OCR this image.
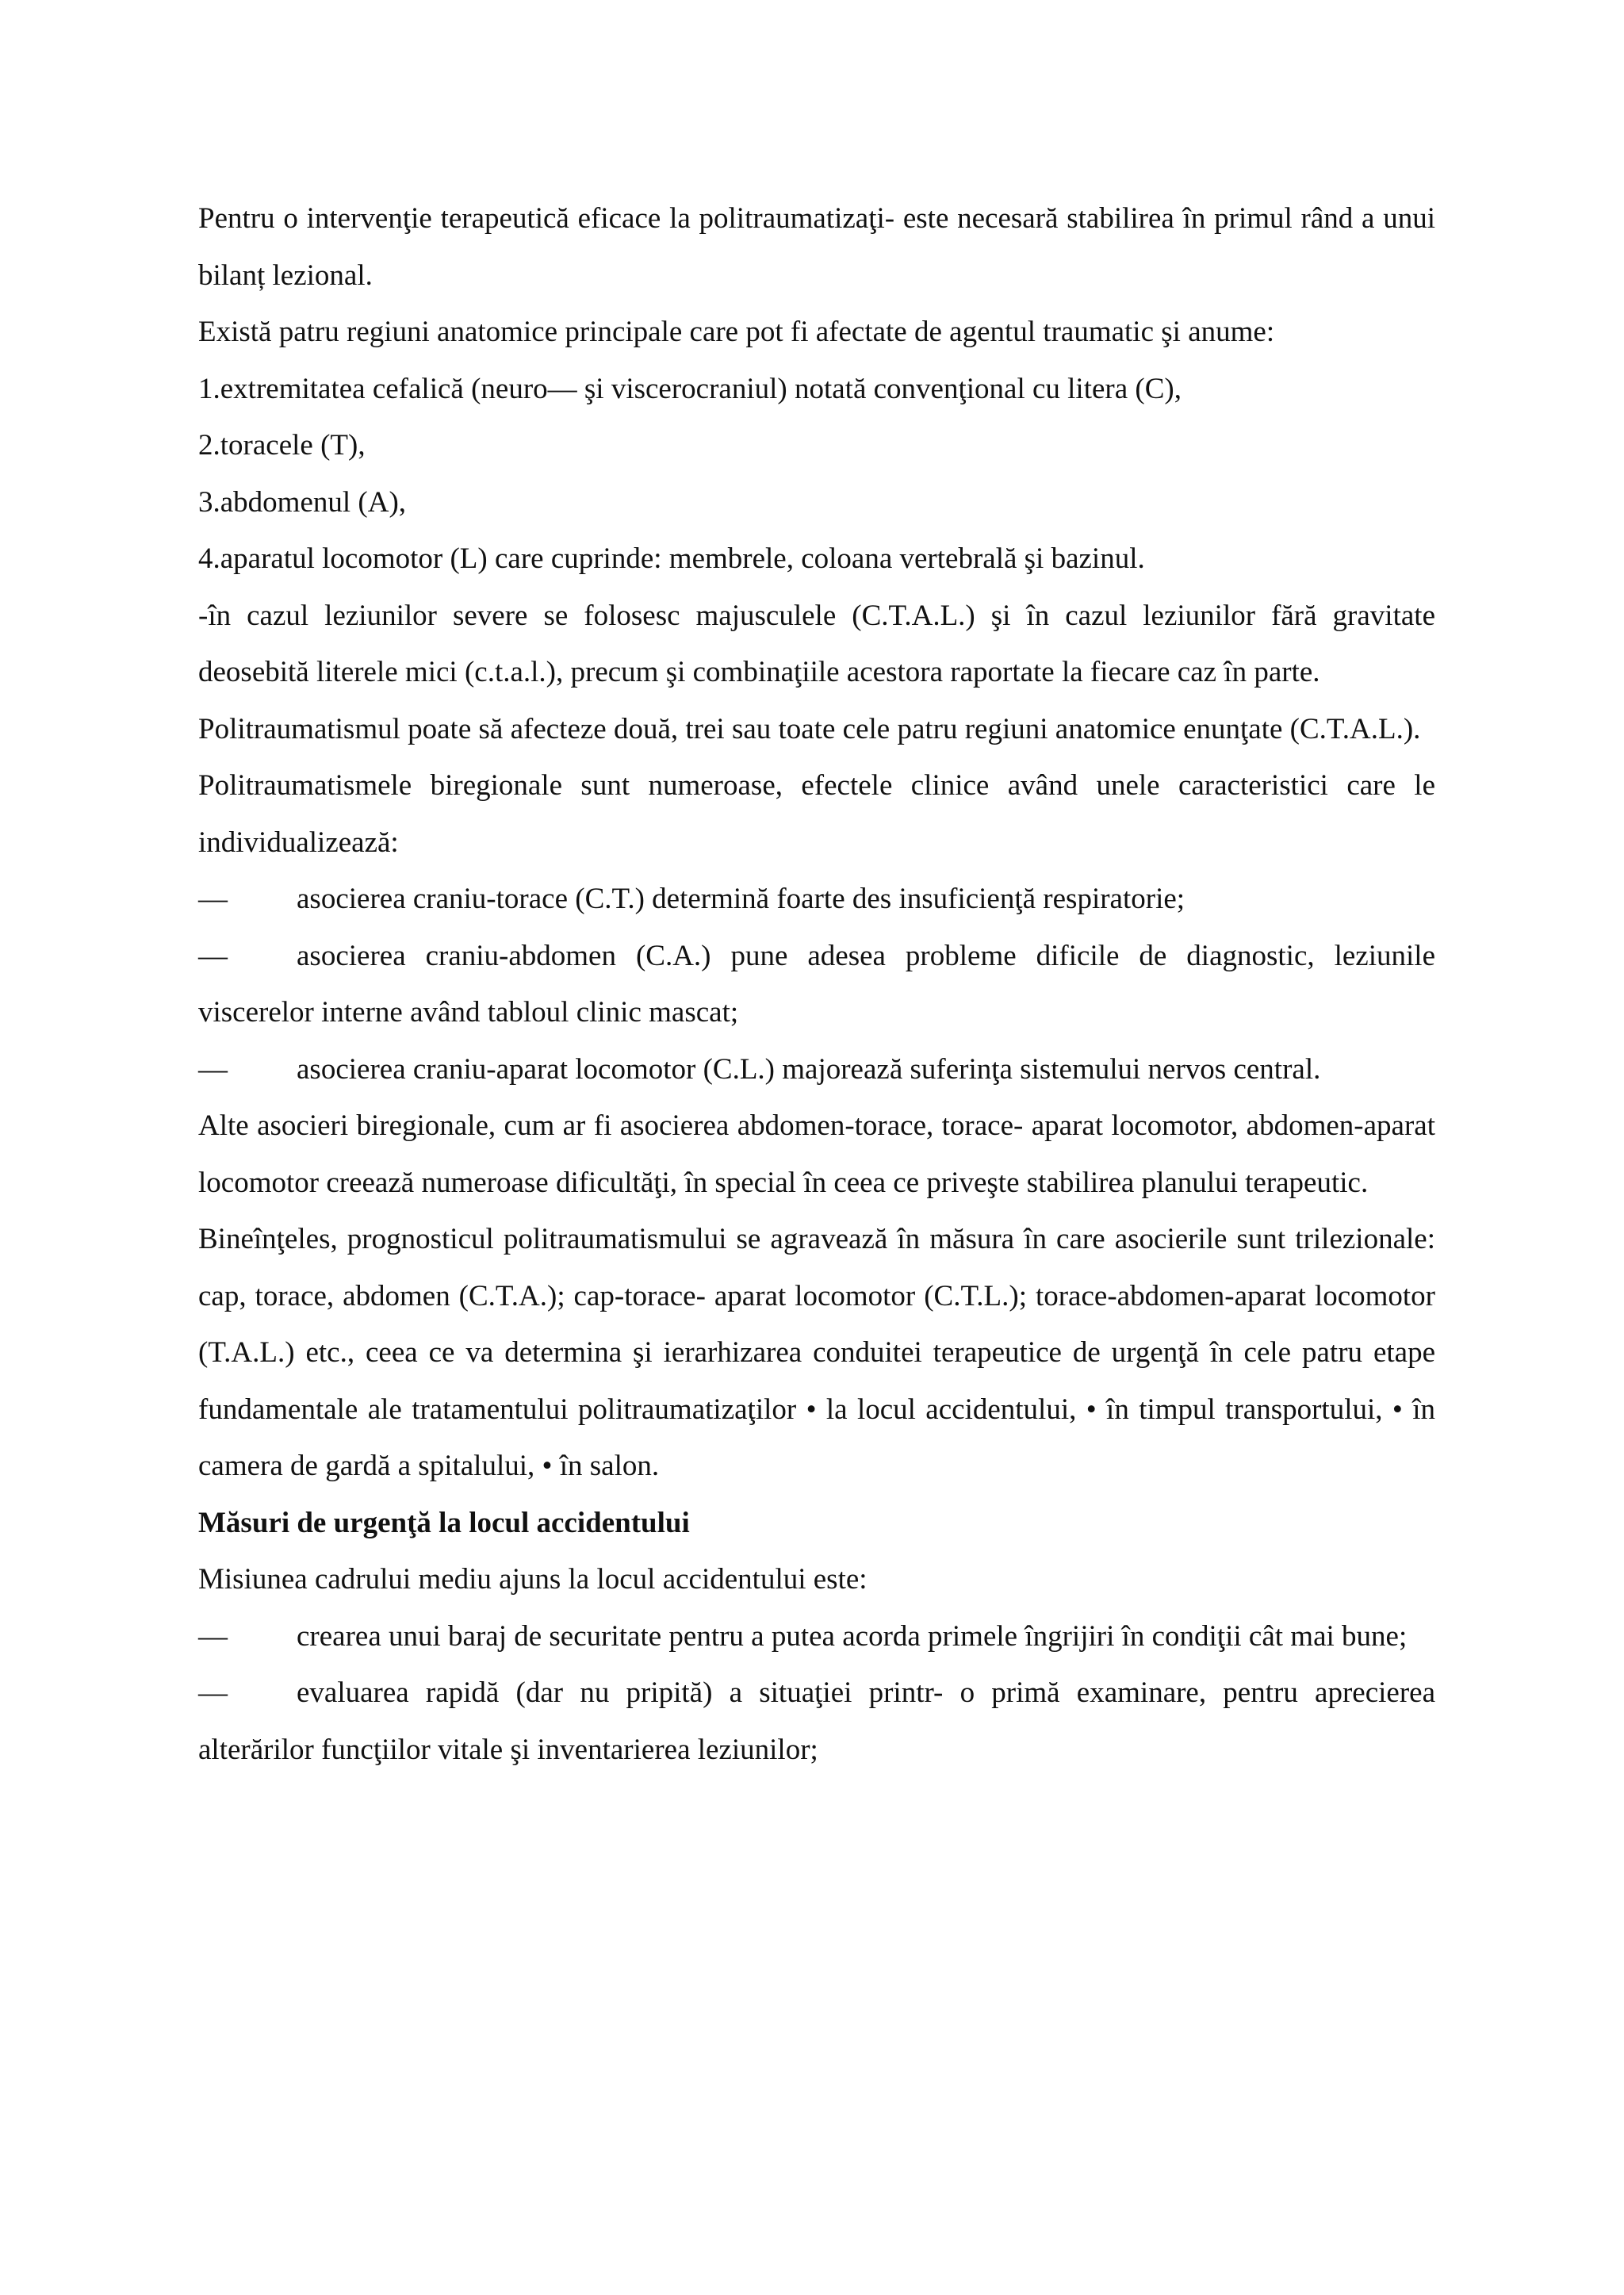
Pentru o intervenţie terapeutică eficace la politraumatizaţi- este necesară stabilirea în primul rând a unui bilanț lezional.

Există patru regiuni anatomice principale care pot fi afectate de agentul traumatic şi anume:

1.extremitatea cefalică (neuro— şi viscerocraniul) notată convenţional cu litera (C),

2.toracele (T),

3.abdomenul (A),

4.aparatul locomotor (L) care cuprinde: membrele, coloana vertebrală şi bazinul.

-în cazul leziunilor severe se folosesc majusculele (C.T.A.L.) şi în cazul leziunilor fără gravitate deosebită literele mici (c.t.a.l.), precum şi combinaţiile acestora raportate la fiecare caz în parte.

Politraumatismul poate să afecteze două, trei sau toate cele patru regiuni anatomice enunţate (C.T.A.L.).

Politraumatismele biregionale sunt numeroase, efectele clinice având unele caracteristici care le individualizează:

— asocierea craniu-torace (C.T.) determină foarte des insuficienţă respiratorie;

— asocierea craniu-abdomen (C.A.) pune adesea probleme dificile de diagnostic, leziunile viscerelor interne având tabloul clinic mascat;

— asocierea craniu-aparat locomotor (C.L.) majorează suferinţa sistemului nervos central.

Alte asocieri biregionale, cum ar fi asocierea abdomen-torace, torace- aparat locomotor, abdomen-aparat locomotor creează numeroase dificultăţi, în special în ceea ce priveşte stabilirea planului terapeutic.

Bineînţeles, prognosticul politraumatismului se agravează în măsura în care asocierile sunt trilezionale: cap, torace, abdomen (C.T.A.); cap-torace- aparat locomotor (C.T.L.); torace-abdomen-aparat locomotor (T.A.L.) etc., ceea ce va determina şi ierarhizarea conduitei terapeutice de urgenţă în cele patru etape fundamentale ale tratamentului politraumatizaţilor • la locul accidentului, • în timpul transportului, • în camera de gardă a spitalului, • în salon.

Măsuri de urgenţă la locul accidentului

Misiunea cadrului mediu ajuns la locul accidentului este:

— crearea unui baraj de securitate pentru a putea acorda primele îngrijiri în condiţii cât mai bune;

— evaluarea rapidă (dar nu pripită) a situaţiei printr- o primă examinare, pentru aprecierea alterărilor funcţiilor vitale şi inventarierea leziunilor;
